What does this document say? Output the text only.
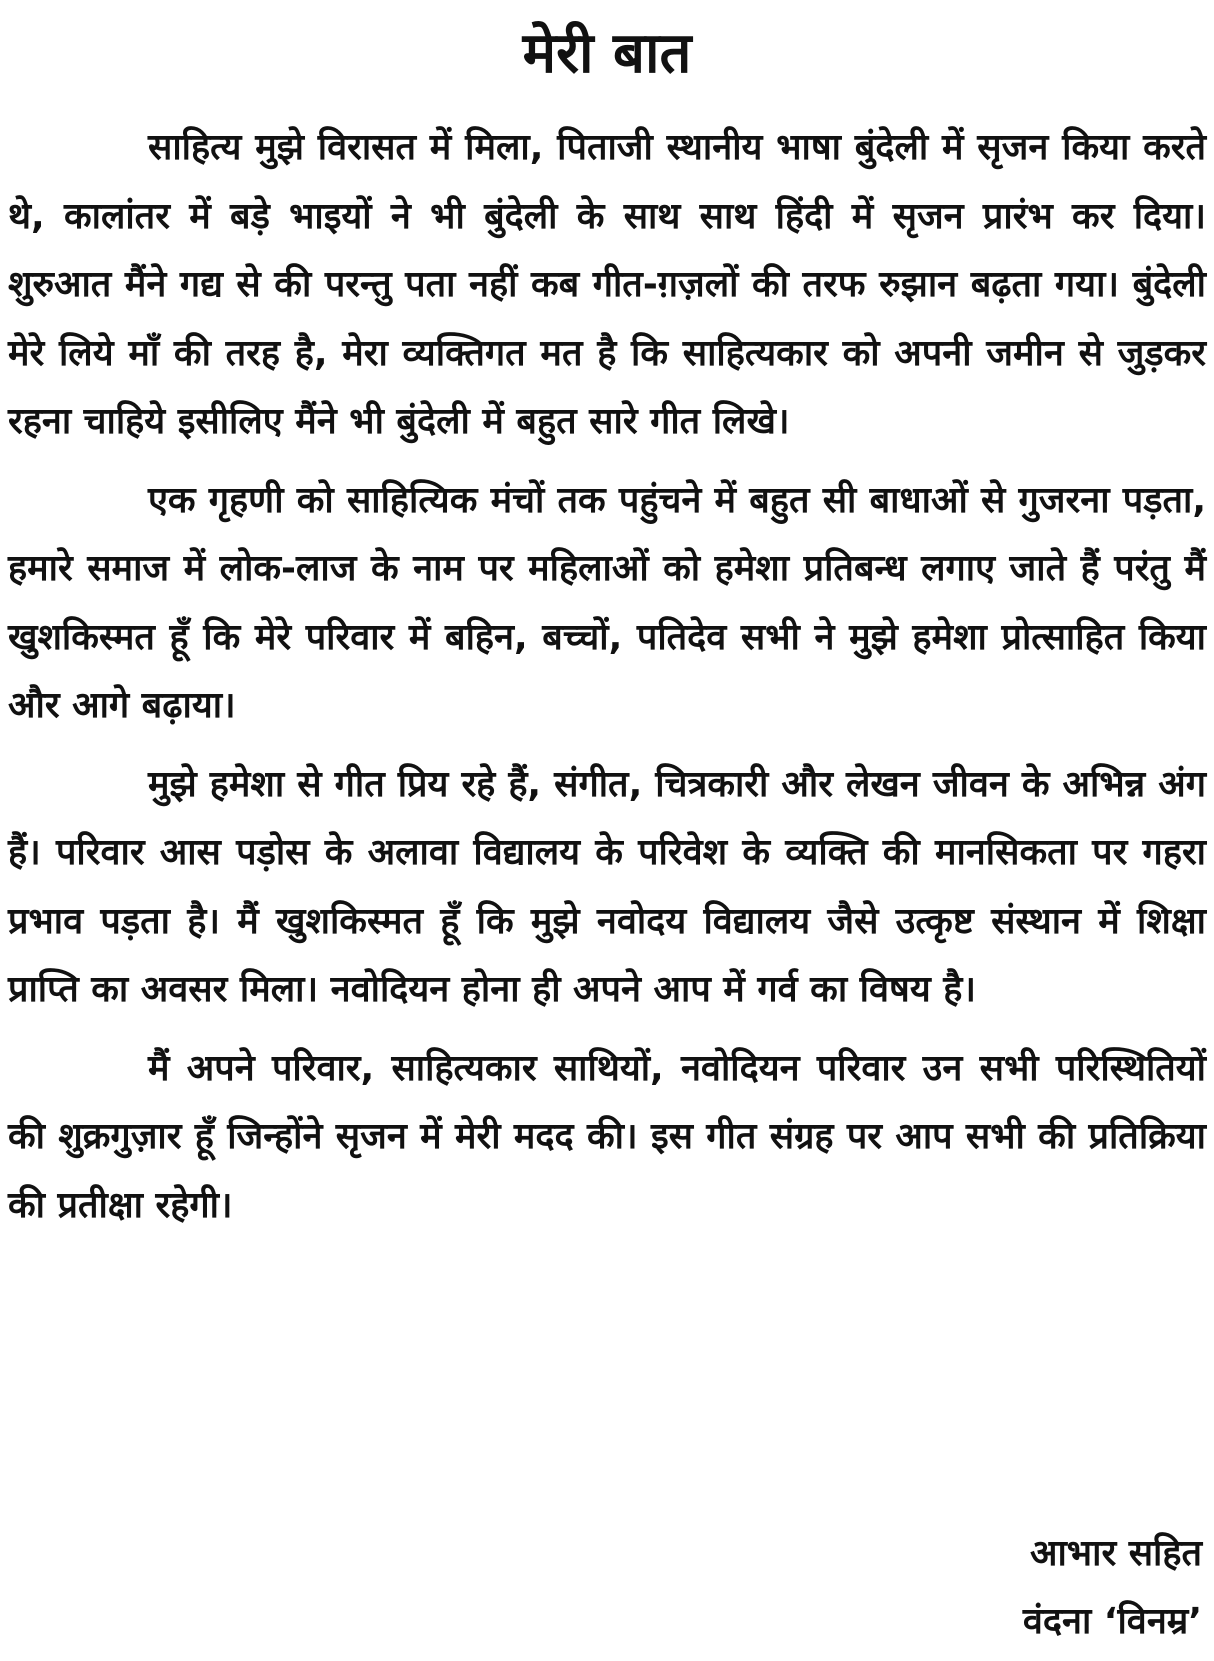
मेरी बात

साहित्य मुझे विरासत में मिला, पिताजी स्थानीय भाषा बुंदेली में सृजन किया करते थे, कालांतर में बड़े भाइयों ने भी बुंदेली के साथ साथ हिंदी में सृजन प्रारंभ कर दिया। शुरुआत मैंने गद्य से की परन्तु पता नहीं कब गीत-ग़ज़लों की तरफ रुझान बढ़ता गया। बुंदेली मेरे लिये माँ की तरह है, मेरा व्यक्तिगत मत है कि साहित्यकार को अपनी जमीन से जुड़कर रहना चाहिये इसीलिए मैंने भी बुंदेली में बहुत सारे गीत लिखे।

एक गृहणी को साहित्यिक मंचों तक पहुंचने में बहुत सी बाधाओं से गुजरना पड़ता, हमारे समाज में लोक-लाज के नाम पर महिलाओं को हमेशा प्रतिबन्ध लगाए जाते हैं परंतु मैं खुशकिस्मत हूँ कि मेरे परिवार में बहिन, बच्चों, पतिदेव सभी ने मुझे हमेशा प्रोत्साहित किया और आगे बढ़ाया।

मुझे हमेशा से गीत प्रिय रहे हैं, संगीत, चित्रकारी और लेखन जीवन के अभिन्न अंग हैं। परिवार आस पड़ोस के अलावा विद्यालय के परिवेश के व्यक्ति की मानसिकता पर गहरा प्रभाव पड़ता है। मैं खुशकिस्मत हूँ कि मुझे नवोदय विद्यालय जैसे उत्कृष्ट संस्थान में शिक्षा प्राप्ति का अवसर मिला। नवोदियन होना ही अपने आप में गर्व का विषय है।

मैं अपने परिवार, साहित्यकार साथियों, नवोदियन परिवार उन सभी परिस्थितियों की शुक्रगुज़ार हूँ जिन्होंने सृजन में मेरी मदद की। इस गीत संग्रह पर आप सभी की प्रतिक्रिया की प्रतीक्षा रहेगी।

आभार सहित
वंदना ‘विनम्र’
